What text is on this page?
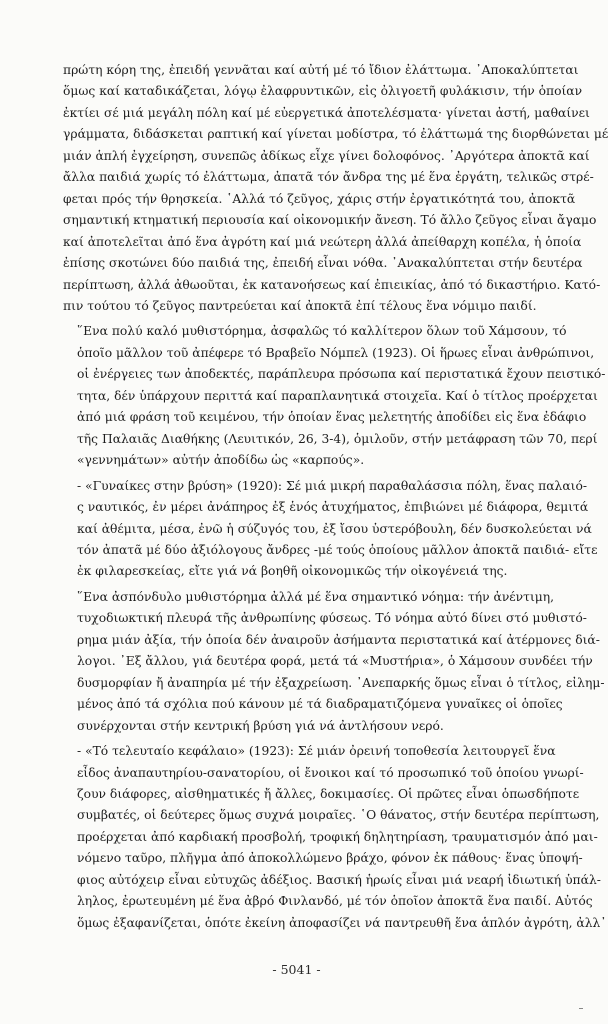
πρώτη κόρη της, ἐπειδή γεννᾶται καί αὐτή μέ τό ἴδιον ἐλάττωμα. ᾿Αποκαλύπτεται
ὅμως καί καταδικάζεται, λόγῳ ἐλαφρυντικῶν, εἰς ὀλιγοετῆ φυλάκισιν, τήν ὁποίαν
ἐκτίει σέ μιά μεγάλη πόλη καί μέ εὐεργετικά ἀποτελέσματα· γίνεται ἀστή, μαθαίνει
γράμματα, διδάσκεται ραπτική καί γίνεται μοδίστρα, τό ἐλάττωμά της διορθώνεται μέ
μιάν ἁπλή ἐγχείρηση, συνεπῶς ἀδίκως εἶχε γίνει δολοφόνος. ᾿Αργότερα ἀποκτᾶ καί
ἄλλα παιδιά χωρίς τό ἐλάττωμα, ἀπατᾶ τόν ἄνδρα της μέ ἕνα ἐργάτη, τελικῶς στρέ-
φεται πρός τήν θρησκεία. ῾Αλλά τό ζεῦγος, χάρις στήν ἐργατικότητά του, ἀποκτᾶ
σημαντική κτηματική περιουσία καί οἰκονομικήν ἄνεση. Τό ἄλλο ζεῦγος εἶναι ἄγαμο
καί ἀποτελεῖται ἀπό ἕνα ἀγρότη καί μιά νεώτερη ἀλλά ἀπείθαρχη κοπέλα, ἡ ὁποία
ἐπίσης σκοτώνει δύο παιδιά της, ἐπειδή εἶναι νόθα. ᾿Ανακαλύπτεται στήν δευτέρα
περίπτωση, ἀλλά ἀθωοῦται, ἐκ κατανοήσεως καί ἐπιεικίας, ἀπό τό δικαστήριο. Κατό-
πιν τούτου τό ζεῦγος παντρεύεται καί ἀποκτᾶ ἐπί τέλους ἕνα νόμιμο παιδί.
῞Ενα πολύ καλό μυθιστόρημα, ἀσφαλῶς τό καλλίτερον ὅλων τοῦ Χάμσουν, τό
ὁποῖο μᾶλλον τοῦ ἀπέφερε τό Βραβεῖο Νόμπελ (1923). Οἱ ἥρωες εἶναι ἀνθρώπινοι,
οἱ ἐνέργειες των ἀποδεκτές, παράπλευρα πρόσωπα καί περιστατικά ἔχουν πειστικό-
τητα, δέν ὑπάρχουν περιττά καί παραπλανητικά στοιχεῖα. Καί ὁ τίτλος προέρχεται
ἀπό μιά φράση τοῦ κειμένου, τήν ὁποίαν ἕνας μελετητής ἀποδίδει εἰς ἕνα ἐδάφιο
τῆς Παλαιᾶς Διαθήκης (Λευιτικόν, 26, 3-4), ὁμιλοῦν, στήν μετάφραση τῶν 70, περί
«γεννημάτων» αὐτήν ἀποδίδω ὡς «καρπούς».
- «Γυναίκες στην βρύση» (1920): Σέ μιά μικρή παραθαλάσσια πόλη, ἕνας παλαιό-
ς ναυτικός, ἐν μέρει ἀνάπηρος ἐξ ἑνός ἀτυχήματος, ἐπιβιώνει μέ διάφορα, θεμιτά
καί ἀθέμιτα, μέσα, ἐνῶ ἡ σύζυγός του, ἐξ ἴσου ὑστερόβουλη, δέν δυσκολεύεται νά
τόν ἀπατᾶ μέ δύο ἀξιόλογους ἄνδρες -μέ τούς ὁποίους μᾶλλον ἀποκτᾶ παιδιά- εἴτε
ἐκ φιλαρεσκείας, εἴτε γιά νά βοηθῆ οἰκονομικῶς τήν οἰκογένειά της.
῞Ενα ἀσπόνδυλο μυθιστόρημα ἀλλά μέ ἕνα σημαντικό νόημα: τήν ἀνέντιμη,
τυχοδιωκτική πλευρά τῆς ἀνθρωπίνης φύσεως. Τό νόημα αὐτό δίνει στό μυθιστό-
ρημα μιάν ἀξία, τήν ὁποία δέν ἀναιροῦν ἀσήμαντα περιστατικά καί ἀτέρμονες διά-
λογοι. ᾿Εξ ἄλλου, γιά δευτέρα φορά, μετά τά «Μυστήρια», ὁ Χάμσουν συνδέει τήν
δυσμορφίαν ἤ ἀναπηρία μέ τήν ἐξαχρείωση. ᾿Ανεπαρκής ὅμως εἶναι ὁ τίτλος, εἰλημ-
μένος ἀπό τά σχόλια πού κάνουν μέ τά διαδραματιζόμενα γυναῖκες οἱ ὁποῖες
συνέρχονται στήν κεντρική βρύση γιά νά ἀντλήσουν νερό.
- «Τό τελευταίο κεφάλαιο» (1923): Σέ μιάν ὀρεινή τοποθεσία λειτουργεῖ ἕνα
εἶδος ἀναπαυτηρίου-σανατορίου, οἱ ἔνοικοι καί τό προσωπικό τοῦ ὁποίου γνωρί-
ζουν διάφορες, αἰσθηματικές ἤ ἄλλες, δοκιμασίες. Οἱ πρῶτες εἶναι ὁπωσδήποτε
συμβατές, οἱ δεύτερες ὅμως συχνά μοιραῖες. ῾Ο θάνατος, στήν δευτέρα περίπτωση,
προέρχεται ἀπό καρδιακή προσβολή, τροφική δηλητηρίαση, τραυματισμόν ἀπό μαι-
νόμενο ταῦρο, πλῆγμα ἀπό ἀποκολλώμενο βράχο, φόνον ἐκ πάθους· ἕνας ὑποψή-
φιος αὐτόχειρ εἶναι εὐτυχῶς ἀδέξιος. Βασική ἡρωίς εἶναι μιά νεαρή ἰδιωτική ὑπάλ-
ληλος, ἐρωτευμένη μέ ἕνα ἀβρό Φινλανδό, μέ τόν ὁποῖον ἀποκτᾶ ἕνα παιδί. Αὐτός
ὅμως ἐξαφανίζεται, ὁπότε ἐκείνη ἀποφασίζει νά παντρευθῆ ἕνα ἁπλόν ἀγρότη, ἀλλ᾽
- 5041 -
